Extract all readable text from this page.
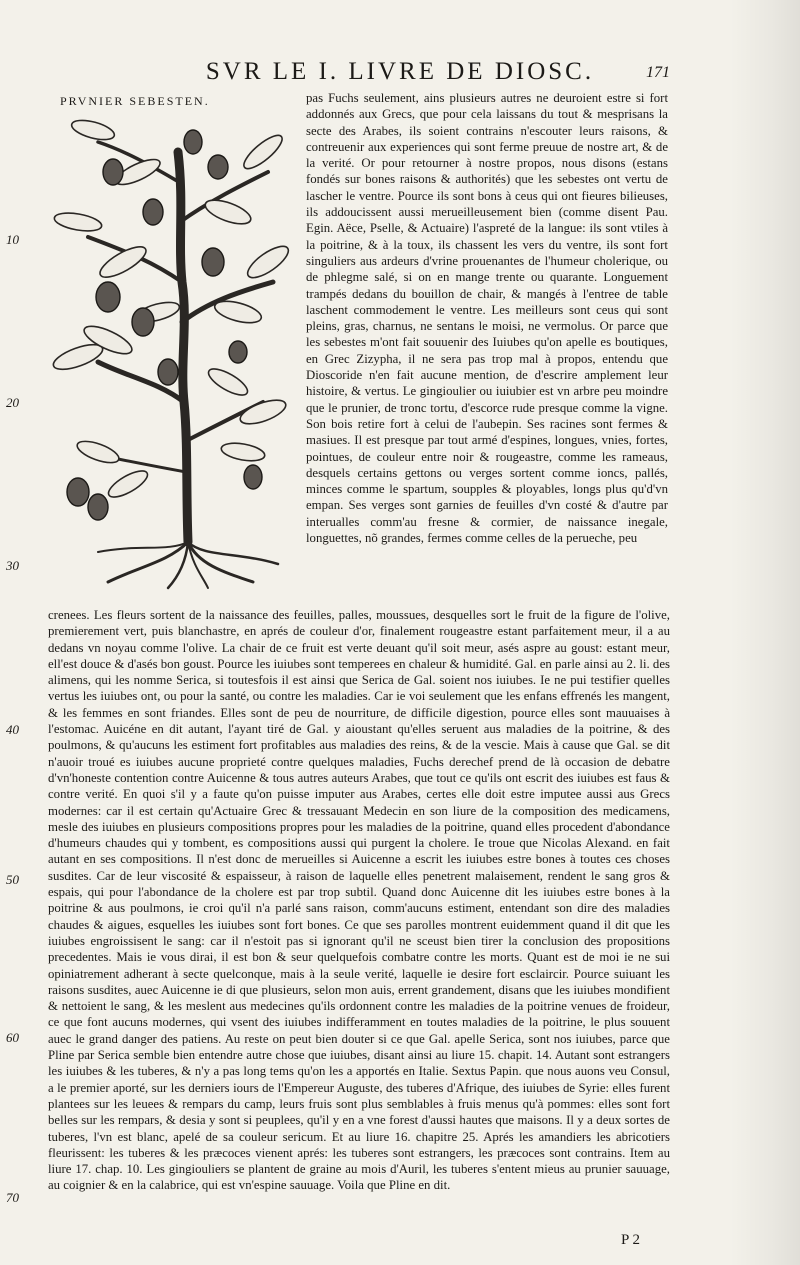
SVR LE I. LIVRE DE DIOSC.	171
PRVNIER SEBESTEN.
10
20
30
40
50
60
70
pas Fuchs seulement, ains plusieurs autres ne deuroient estre si fort addonnés aux Grecs, que pour cela laissans du tout & mesprisans la secte des Arabes, ils soient contrains n'escouter leurs raisons, & contreuenir aux experiences qui sont ferme preuue de nostre art, & de la verité. Or pour retourner à nostre propos, nous disons (estans fondés sur bones raisons & authorités) que les sebestes ont vertu de lascher le ventre. Pource ils sont bons à ceus qui ont fieures bilieuses, ils addoucissent aussi merueilleusement bien (comme disent Pau. Egin. Aëce, Pselle, & Actuaire) l'aspreté de la langue: ils sont vtiles à la poitrine, & à la toux, ils chassent les vers du ventre, ils sont fort singuliers aus ardeurs d'vrine prouenantes de l'humeur cholerique, ou de phlegme salé, si on en mange trente ou quarante. Longuement trampés dedans du bouillon de chair, & mangés à l'entree de table laschent commodement le ventre. Les meilleurs sont ceus qui sont pleins, gras, charnus, ne sentans le moisi, ne vermolus. Or parce que les sebestes m'ont fait souuenir des Iuiubes qu'on apelle es boutiques, en Grec Zizypha, il ne sera pas trop mal à propos, entendu que Dioscoride n'en fait aucune mention, de d'escrire amplement leur histoire, & vertus. Le gingioulier ou iuiubier est vn arbre peu moindre que le prunier, de tronc tortu, d'escorce rude presque comme la vigne. Son bois retire fort à celui de l'aubepin. Ses racines sont fermes & masiues. Il est presque par tout armé d'espines, longues, vnies, fortes, pointues, de couleur entre noir & rougeastre, comme les rameaus, desquels certains gettons ou verges sortent comme ioncs, pallés, minces comme le spartum, soupples & ployables, longs plus qu'd'vn empan. Ses verges sont garnies de feuilles d'vn costé & d'autre par interualles comm'au fresne & cormier, de naissance inegale, longuettes, nõ grandes, fermes comme celles de la perueche, peu
crenees. Les fleurs sortent de la naissance des feuilles, palles, moussues, desquelles sort le fruit de la figure de l'olive, premierement vert, puis blanchastre, en aprés de couleur d'or, finalement rougeastre estant parfaitement meur, il a au dedans vn noyau comme l'olive. La chair de ce fruit est verte deuant qu'il soit meur, asés aspre au goust: estant meur, ell'est douce & d'asés bon goust. Pource les iuiubes sont temperees en chaleur & humidité. Gal. en parle ainsi au 2. li. des alimens, qui les nomme Serica, si toutesfois il est ainsi que Serica de Gal. soient nos iuiubes. Ie ne pui testifier quelles vertus les iuiubes ont, ou pour la santé, ou contre les maladies. Car ie voi seulement que les enfans effrenés les mangent, & les femmes en sont friandes. Elles sont de peu de nourriture, de difficile digestion, pource elles sont mauuaises à l'estomac. Auicéne en dit autant, l'ayant tiré de Gal. y aioustant qu'elles seruent aus maladies de la poitrine, & des poulmons, & qu'aucuns les estiment fort profitables aus maladies des reins, & de la vescie. Mais à cause que Gal. se dit n'auoir troué es iuiubes aucune proprieté contre quelques maladies, Fuchs derechef prend de là occasion de debatre d'vn'honeste contention contre Auicenne & tous autres auteurs Arabes, que tout ce qu'ils ont escrit des iuiubes est faus & contre verité. En quoi s'il y a faute qu'on puisse imputer aus Arabes, certes elle doit estre imputee aussi aus Grecs modernes: car il est certain qu'Actuaire Grec & tressauant Medecin en son liure de la composition des medicamens, mesle des iuiubes en plusieurs compositions propres pour les maladies de la poitrine, quand elles procedent d'abondance d'humeurs chaudes qui y tombent, es compositions aussi qui purgent la cholere. Ie troue que Nicolas Alexand. en fait autant en ses compositions. Il n'est donc de merueilles si Auicenne a escrit les iuiubes estre bones à toutes ces choses susdites. Car de leur viscosité & espaisseur, à raison de laquelle elles penetrent malaisement, rendent le sang gros & espais, qui pour l'abondance de la cholere est par trop subtil. Quand donc Auicenne dit les iuiubes estre bones à la poitrine & aus poulmons, ie croi qu'il n'a parlé sans raison, comm'aucuns estiment, entendant son dire des maladies chaudes & aigues, esquelles les iuiubes sont fort bones. Ce que ses parolles montrent euidemment quand il dit que les iuiubes engroissisent le sang: car il n'estoit pas si ignorant qu'il ne sceust bien tirer la conclusion des propositions precedentes. Mais ie vous dirai, il est bon & seur quelquefois combatre contre les morts. Quant est de moi ie ne sui opiniatrement adherant à secte quelconque, mais à la seule verité, laquelle ie desire fort esclaircir. Pource suiuant les raisons susdites, auec Auicenne ie di que plusieurs, selon mon auis, errent grandement, disans que les iuiubes mondifient & nettoient le sang, & les meslent aus medecines qu'ils ordonnent contre les maladies de la poitrine venues de froideur, ce que font aucuns modernes, qui vsent des iuiubes indifferamment en toutes maladies de la poitrine, le plus souuent auec le grand danger des patiens. Au reste on peut bien douter si ce que Gal. apelle Serica, sont nos iuiubes, parce que Pline par Serica semble bien entendre autre chose que iuiubes, disant ainsi au liure 15. chapit. 14. Autant sont estrangers les iuiubes & les tuberes, & n'y a pas long tems qu'on les a apportés en Italie. Sextus Papin. que nous auons veu Consul, a le premier aporté, sur les derniers iours de l'Empereur Auguste, des tuberes d'Afrique, des iuiubes de Syrie: elles furent plantees sur les leuees & rempars du camp, leurs fruis sont plus semblables à fruis menus qu'à pommes: elles sont fort belles sur les rempars, & desia y sont si peuplees, qu'il y en a vne forest d'aussi hautes que maisons. Il y a deux sortes de tuberes, l'vn est blanc, apelé de sa couleur sericum. Et au liure 16. chapitre 25. Aprés les amandiers les abricotiers fleurissent: les tuberes & les præcoces vienent aprés: les tuberes sont estrangers, les præcoces sont contrains. Item au liure 17. chap. 10. Les gingiouliers se plantent de graine au mois d'Auril, les tuberes s'entent mieus au prunier sauuage, au coignier & en la calabrice, qui est vn'espine sauuage. Voila que Pline en dit.
P 2
